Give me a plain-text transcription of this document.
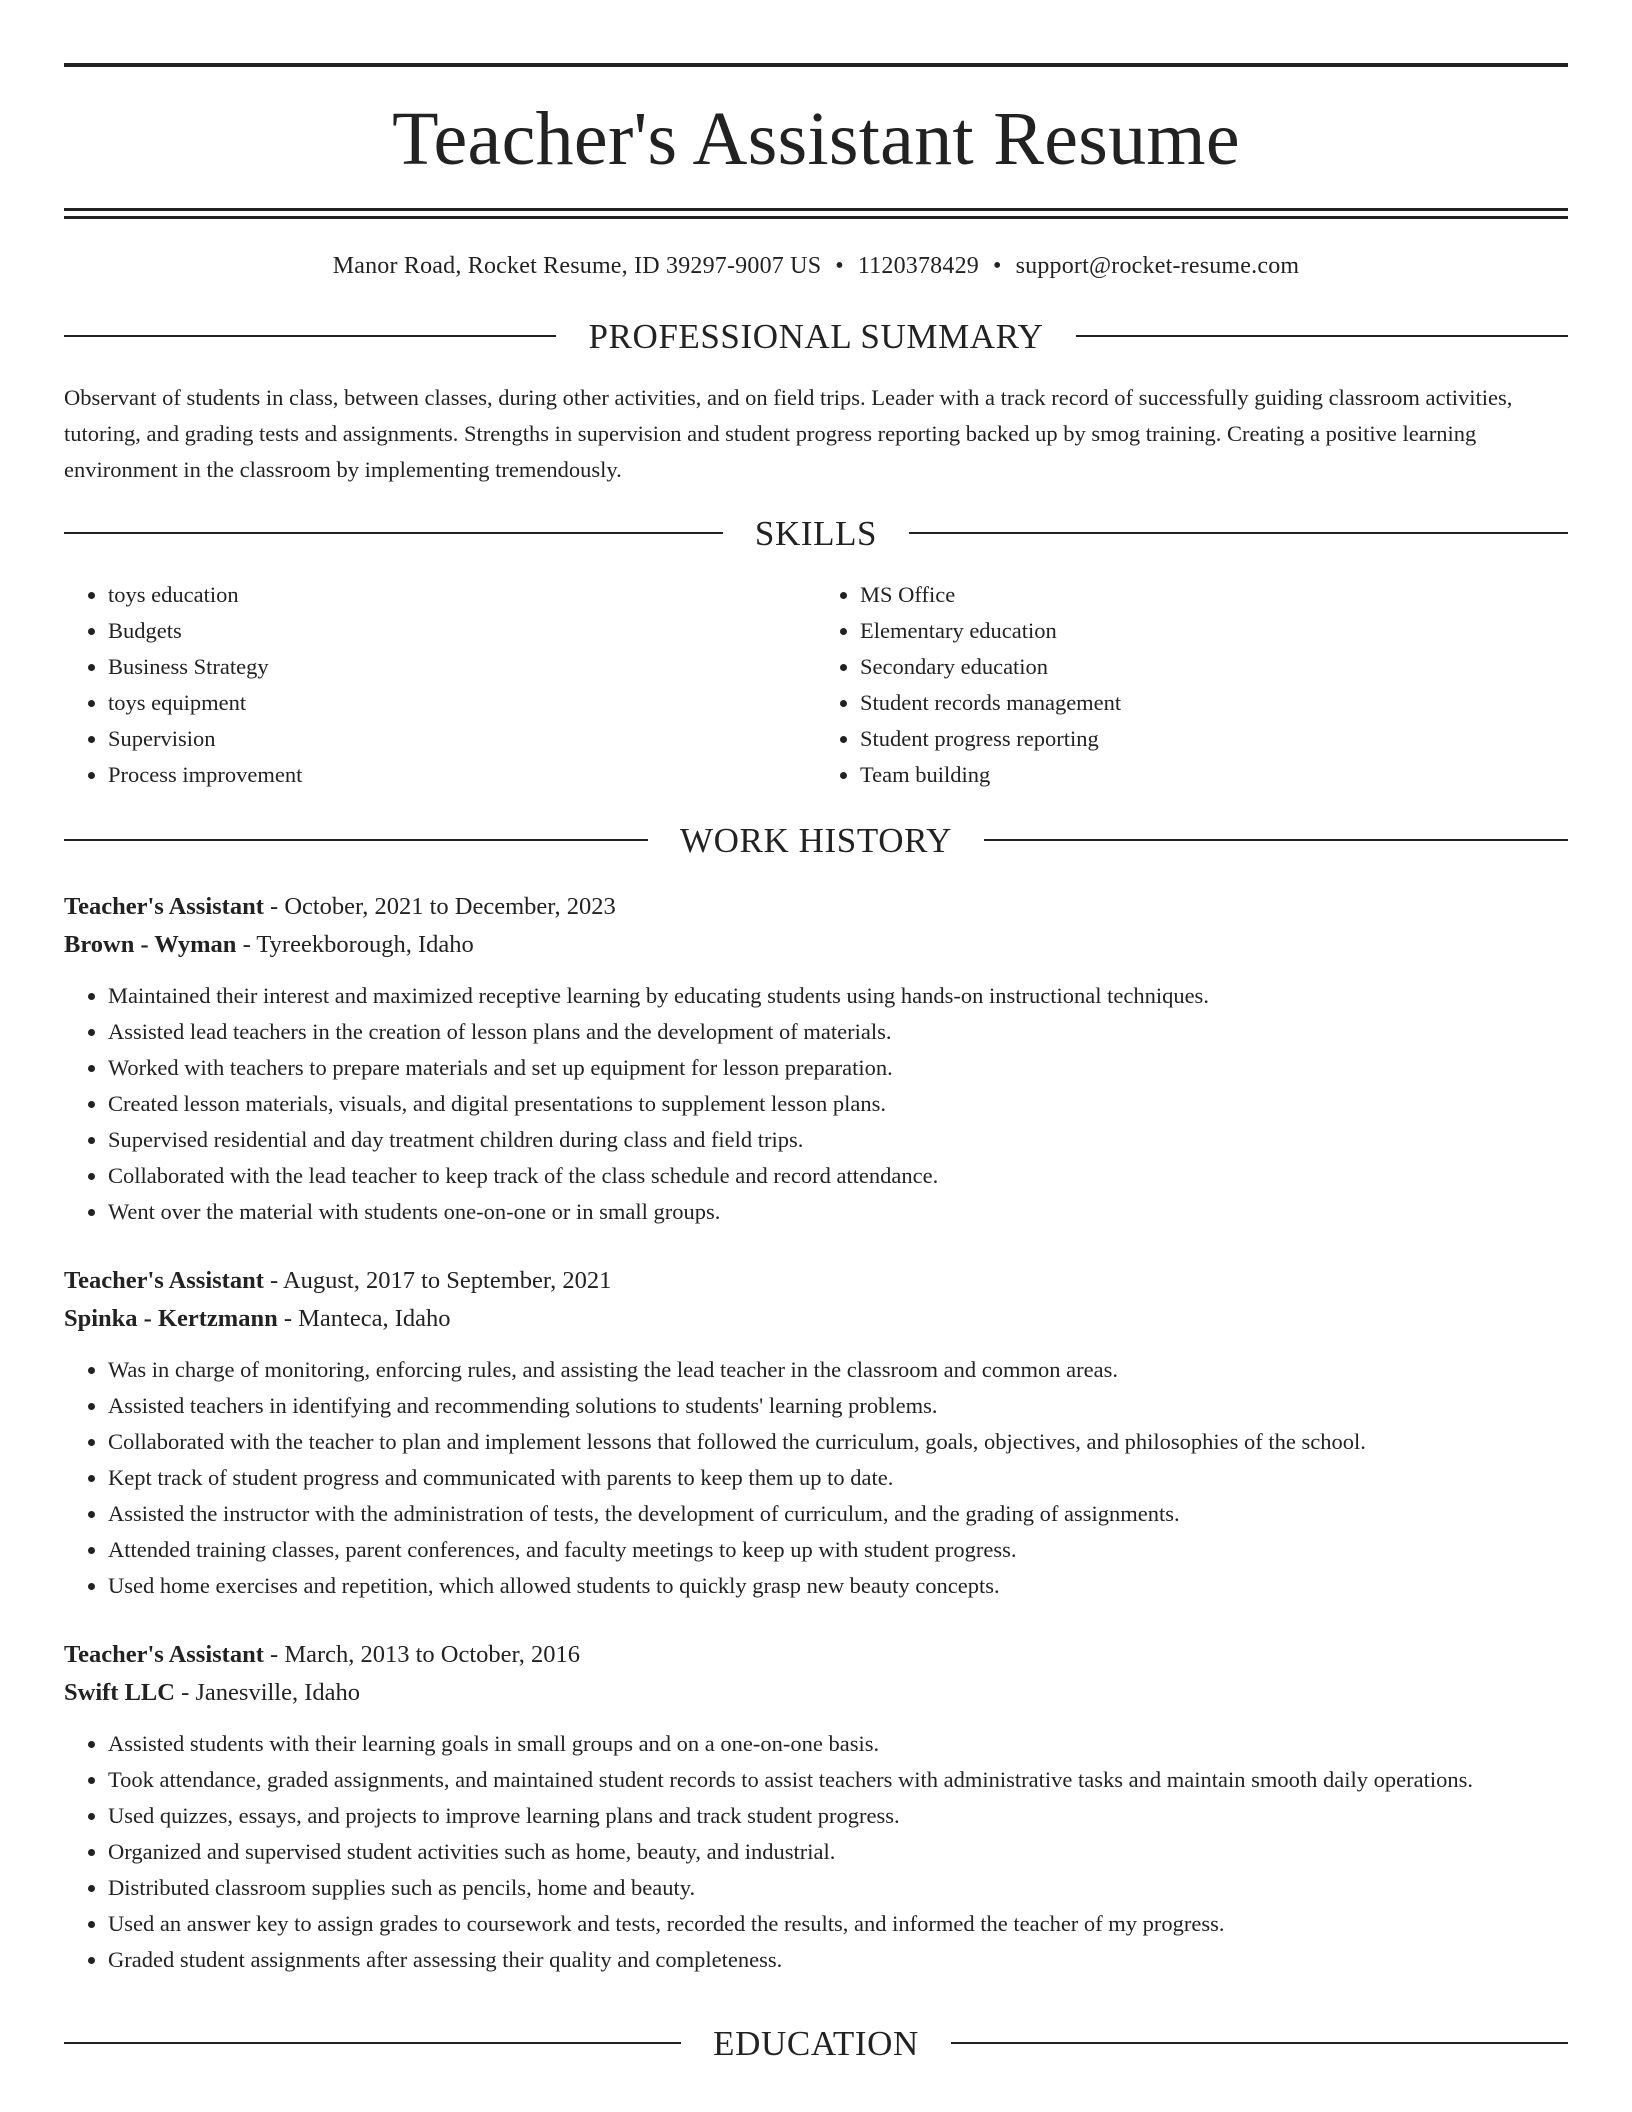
Teacher's Assistant Resume
Manor Road, Rocket Resume, ID 39297-9007 US • 1120378429 • support@rocket-resume.com
PROFESSIONAL SUMMARY

Observant of students in class, between classes, during other activities, and on field trips. Leader with a track record of successfully guiding classroom activities, tutoring, and grading tests and assignments. Strengths in supervision and student progress reporting backed up by smog training. Creating a positive learning environment in the classroom by implementing tremendously.

SKILLS
• toys education
• Budgets
• Business Strategy
• toys equipment
• Supervision
• Process improvement
• MS Office
• Elementary education
• Secondary education
• Student records management
• Student progress reporting
• Team building
WORK HISTORY
Teacher's Assistant - October, 2021 to December, 2023
Brown - Wyman - Tyreekborough, Idaho
• Maintained their interest and maximized receptive learning by educating students using hands-on instructional techniques.
• Assisted lead teachers in the creation of lesson plans and the development of materials.
• Worked with teachers to prepare materials and set up equipment for lesson preparation.
• Created lesson materials, visuals, and digital presentations to supplement lesson plans.
• Supervised residential and day treatment children during class and field trips.
• Collaborated with the lead teacher to keep track of the class schedule and record attendance.
• Went over the material with students one-on-one or in small groups.
Teacher's Assistant - August, 2017 to September, 2021
Spinka - Kertzmann - Manteca, Idaho
• Was in charge of monitoring, enforcing rules, and assisting the lead teacher in the classroom and common areas.
• Assisted teachers in identifying and recommending solutions to students' learning problems.
• Collaborated with the teacher to plan and implement lessons that followed the curriculum, goals, objectives, and philosophies of the school.
• Kept track of student progress and communicated with parents to keep them up to date.
• Assisted the instructor with the administration of tests, the development of curriculum, and the grading of assignments.
• Attended training classes, parent conferences, and faculty meetings to keep up with student progress.
• Used home exercises and repetition, which allowed students to quickly grasp new beauty concepts.
Teacher's Assistant - March, 2013 to October, 2016
Swift LLC - Janesville, Idaho
• Assisted students with their learning goals in small groups and on a one-on-one basis.
• Took attendance, graded assignments, and maintained student records to assist teachers with administrative tasks and maintain smooth daily operations.
• Used quizzes, essays, and projects to improve learning plans and track student progress.
• Organized and supervised student activities such as home, beauty, and industrial.
• Distributed classroom supplies such as pencils, home and beauty.
• Used an answer key to assign grades to coursework and tests, recorded the results, and informed the teacher of my progress.
• Graded student assignments after assessing their quality and completeness.
EDUCATION
